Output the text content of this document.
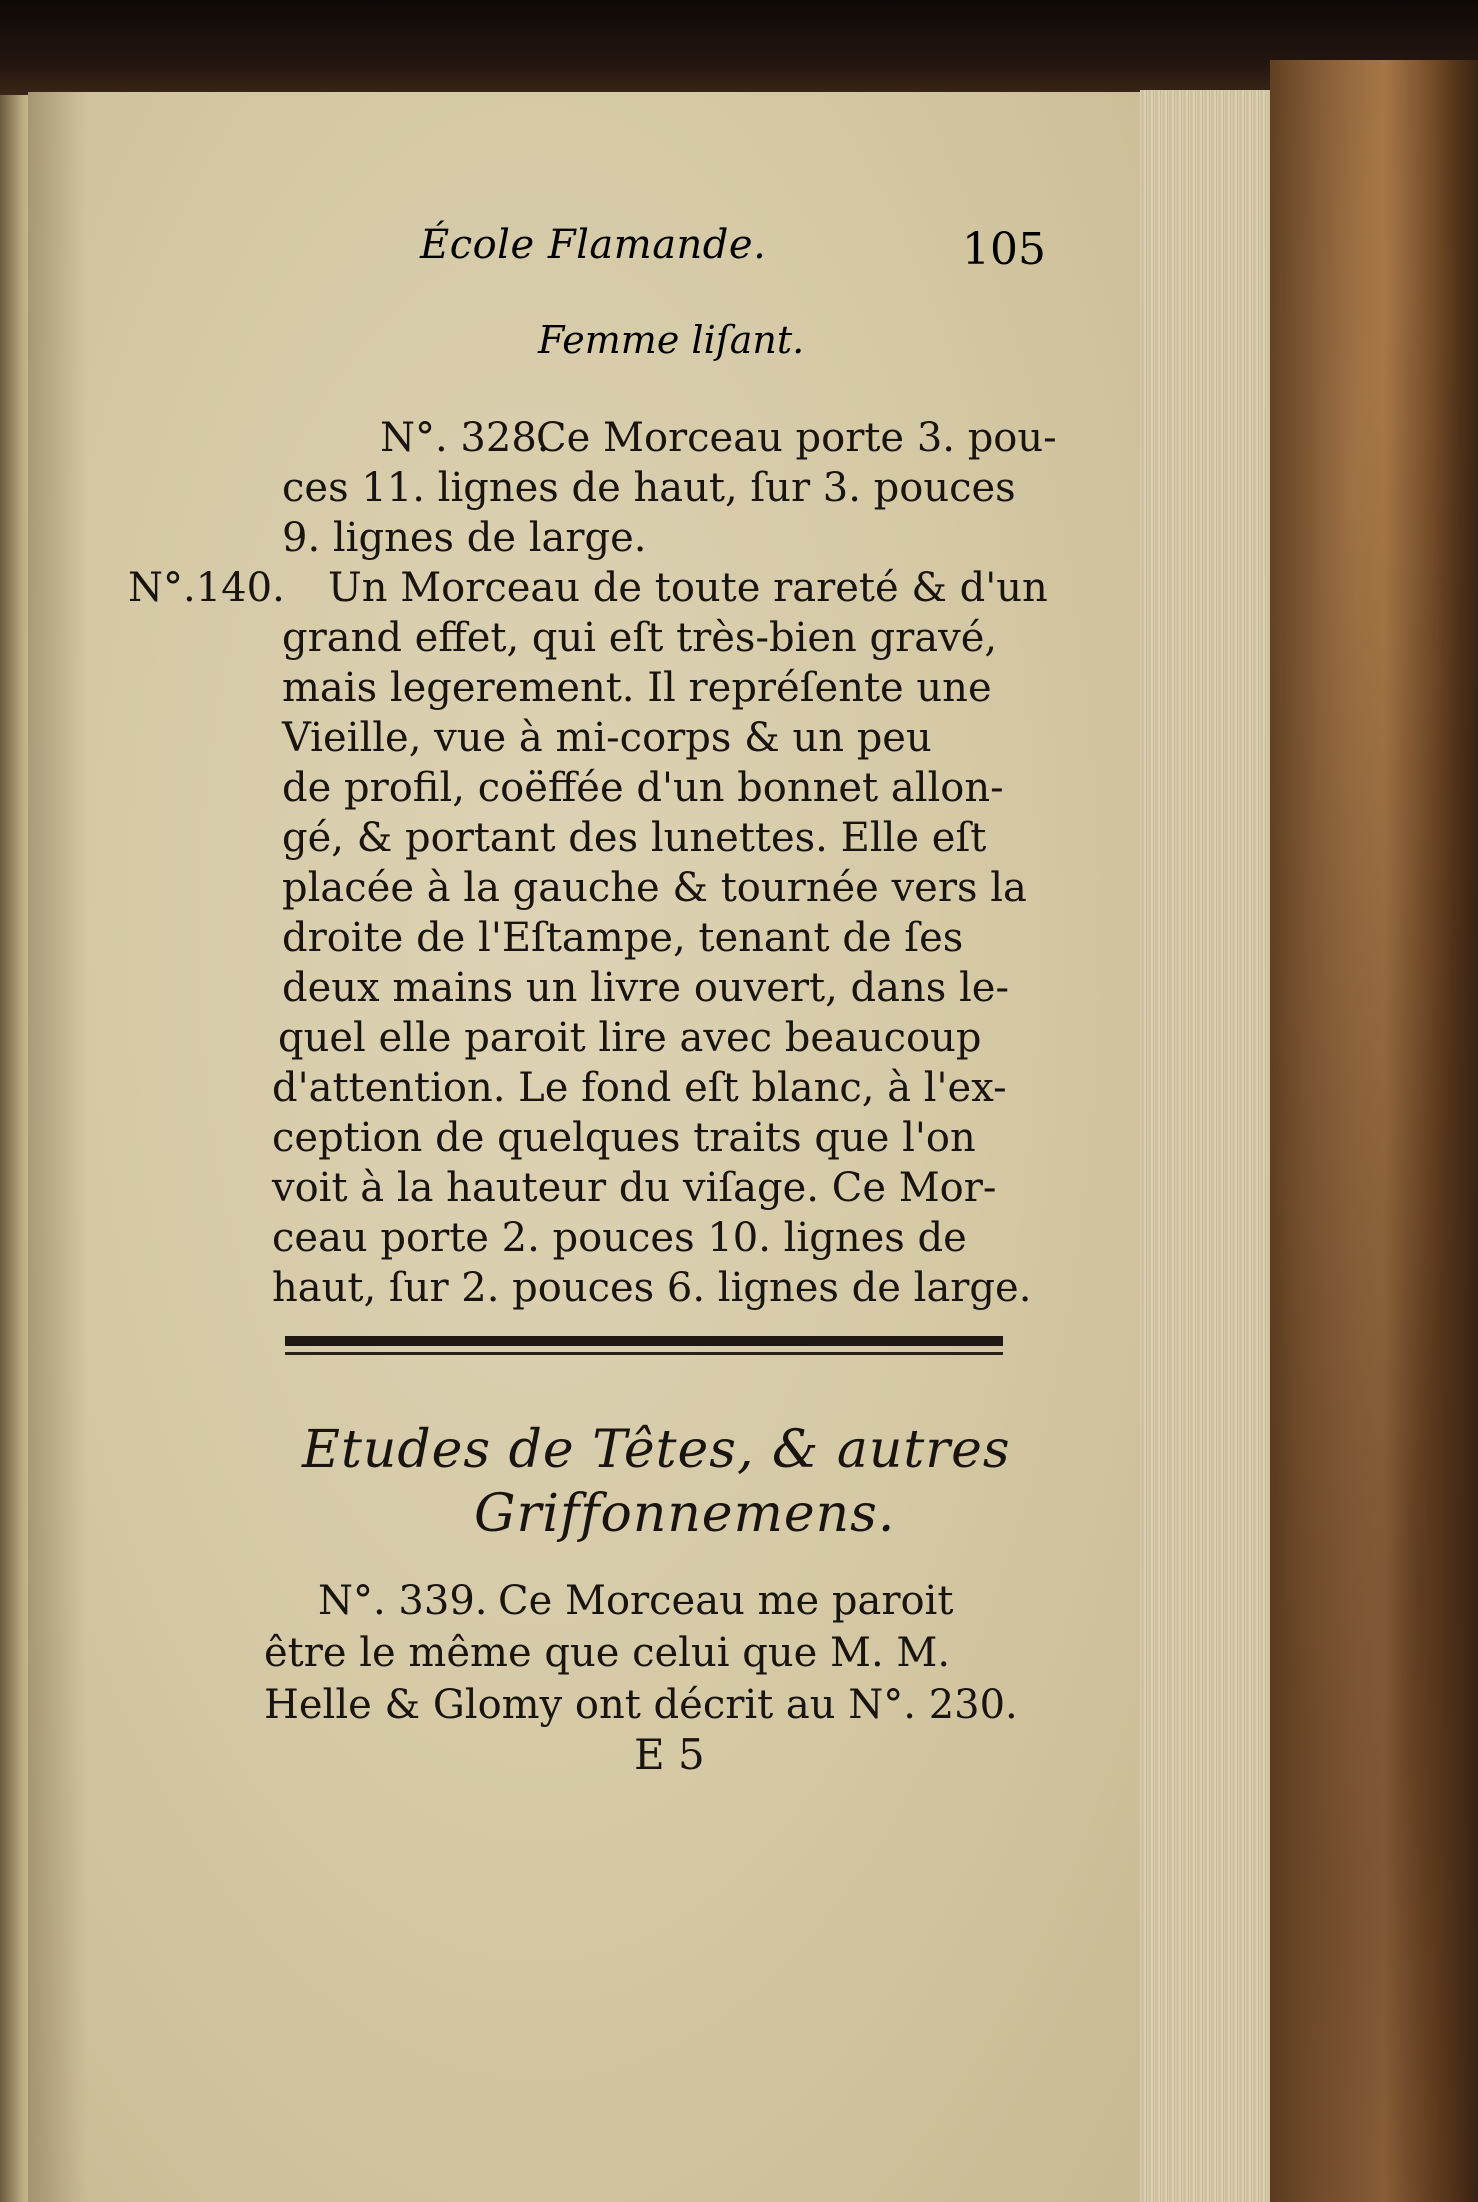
École Flamande.	105
Femme liſant.
N°. 328.
Ce Morceau porte 3. pou-
ces 11. lignes de haut, ſur 3. pouces
9. lignes de large.
N°.140. Un Morceau de toute rareté & d'un
grand effet, qui eſt très-bien gravé,
mais legerement. Il repréſente une
Vieille, vue à mi-corps & un peu
de profil, coëffée d'un bonnet allon-
gé, & portant des lunettes. Elle eſt
placée à la gauche & tournée vers la
droite de l'Eſtampe, tenant de ſes
deux mains un livre ouvert, dans le-
quel elle paroit lire avec beaucoup
d'attention. Le fond eſt blanc, à l'ex-
ception de quelques traits que l'on
voit à la hauteur du viſage. Ce Mor-
ceau porte 2. pouces 10. lignes de
haut, ſur 2. pouces 6. lignes de large.
Etudes de Têtes, & autres
Griffonnemens.
N°. 339. Ce Morceau me paroit
être le même que celui que M. M.
Helle & Glomy ont décrit au N°. 230.
E 5
